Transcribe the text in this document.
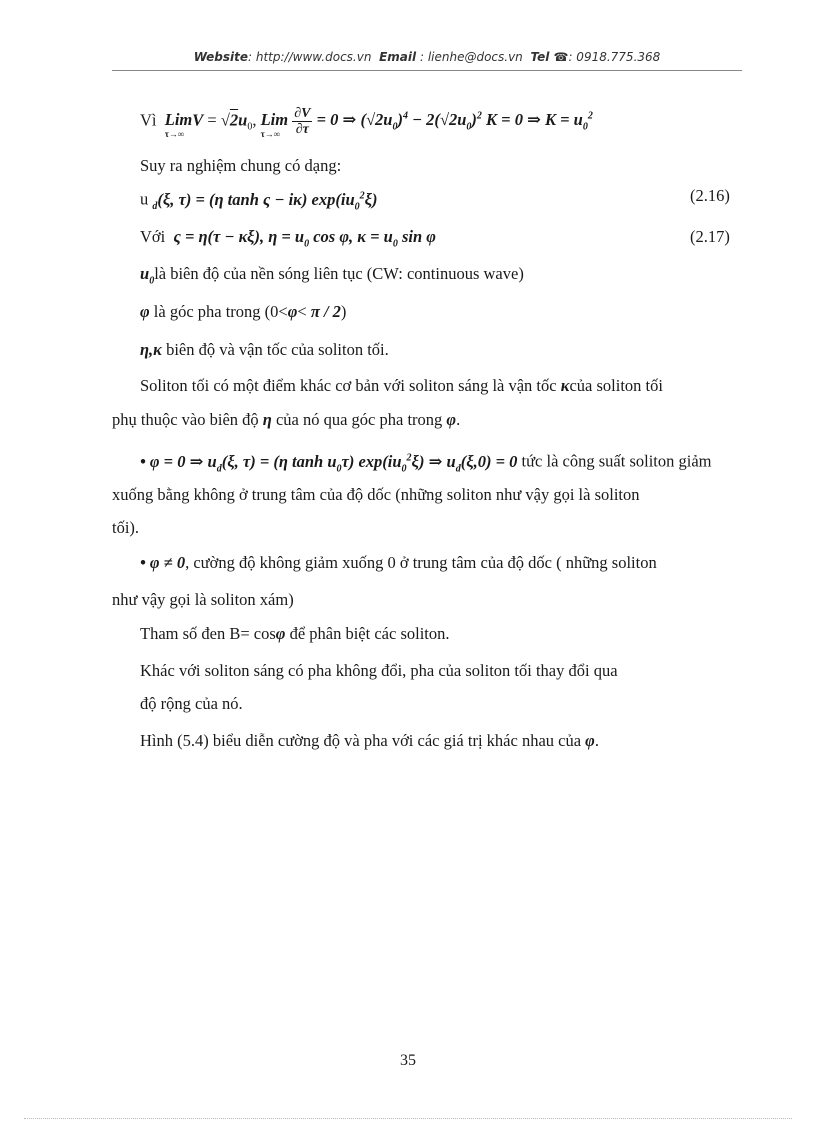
Website: http://www.docs.vn Email : lienhe@docs.vn Tel ☎: 0918.775.368
Vì Lim
τ→∞
$V = √2u_0$, Lim
τ→∞
$\frac{\partial V}{\partial\tau} = 0$ ⇒ $(√2u_0)^4 - 2(√2u_0)^2$ K = 0 ⇒ $K = u_0^2$
Suy ra nghiệm chung có dạng:
u $_d$(ξ, τ) = (η tanh ς − iκ) $\exp(iu_0^2\xi)$	(2.16)
Với ς = η(τ − κξ), $\eta = u_0$ cos φ, $\kappa = u_0$ sin φ	(2.17)
$u_0là$ biên độ của nền sóng liên tục (CW: continuous wave)
φ là góc pha trong (0<φ< π / 2)
η,κ biên độ và vận tốc của soliton tối.
Soliton tối có một điểm khác cơ bản với soliton sáng là vận tốc κcủa soliton tối
phụ thuộc vào biên độ η của nó qua góc pha trong φ.
• φ = 0 ⇒ $u_d(\xi$, τ) = (η $\tanh u_0\tau$) $\exp(iu_0^2\xi)$ ⇒ $u_d(\xi,0) = 0$ tức là công suất soliton giảm
xuống bằng không ở trung tâm của độ dốc (những soliton như vậy gọi là soliton
tối).
• φ ≠ 0, cường độ không giảm xuống 0 ở trung tâm của độ dốc ( những soliton
như vậy gọi là soliton xám)
Tham số đen B= cosφ để phân biệt các soliton.
Khác với soliton sáng có pha không đổi, pha của soliton tối thay đổi qua
độ rộng của nó.
Hình (5.4) biểu diễn cường độ và pha với các giá trị khác nhau của φ.
35
